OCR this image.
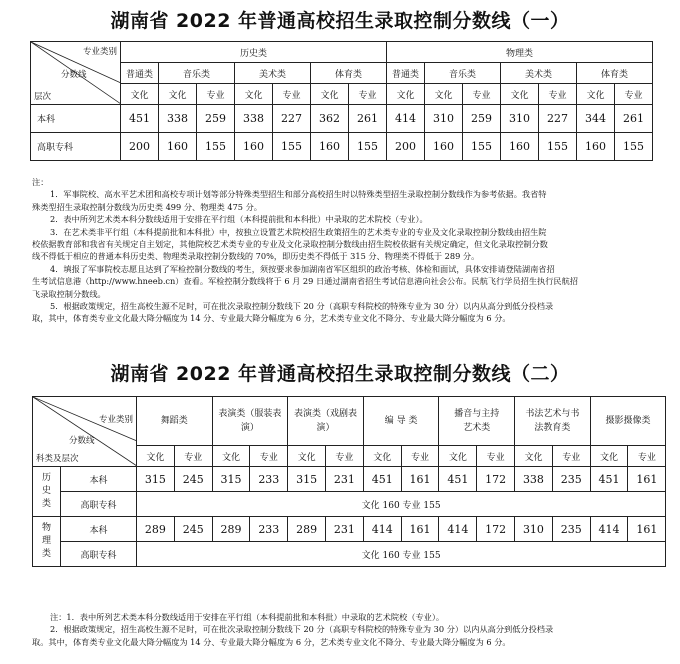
湖南省 2022 年普通高校招生录取控制分数线（一）
专业类别
分数线
层次	历史类							物理类						
	普通类	音乐类		美术类		体育类		普通类	音乐类		美术类		体育类	
	文化	文化	专业	文化	专业	文化	专业	文化	文化	专业	文化	专业	文化	专业
本科	451	338	259	338	227	362	261	414	310	259	310	227	344	261
高职专科	200	160	155	160	155	160	155	200	160	155	160	155	160	155

注：

1．军事院校、高水平艺术团和高校专项计划等部分特殊类型招生和部分高校招生时以特殊类型招生录取控制分数线作为参考依据。我省特

殊类型招生录取控制分数线为历史类 499 分、物理类 475 分。

2．表中所列艺术类本科分数线适用于安排在平行组（本科提前批和本科批）中录取的艺术院校（专业）。

3．在艺术类非平行组（本科提前批和本科批）中，按独立设置艺术院校招生政策招生的艺术类专业的专业及文化录取控制分数线由招生院

校依据教育部和我省有关规定自主划定，其他院校艺术类专业的专业及文化录取控制分数线由招生院校依据有关规定确定，但文化录取控制分数

线不得低于相应的普通本科历史类、物理类录取控制分数线的 70%，即历史类不得低于 315 分、物理类不得低于 289 分。

4．填报了军事院校志愿且达到了军检控制分数线的考生，须按要求参加湖南省军区组织的政治考核、体检和面试，具体安排请登陆湖南省招

生考试信息港（http://www.hneeb.cn）查看。军检控制分数线将于 6 月 29 日通过湖南省招生考试信息港向社会公布。民航飞行学员招生执行民航招

飞录取控制分数线。

5．根据政策规定，招生高校生源不足时，可在批次录取控制分数线下 20 分（高职专科院校的特殊专业为 30 分）以内从高分到低分投档录

取，其中，体育类专业文化最大降分幅度为 14 分、专业最大降分幅度为 6 分，艺术类专业文化不降分、专业最大降分幅度为 6 分。

湖南省 2022 年普通高校招生录取控制分数线（二）
专业类别
分数线
科类及层次		舞蹈类		表演类（服装表演）		表演类（戏剧表演）		编 导 类		播音与主持艺术类		书法艺术与书法教育类		摄影摄像类	
		文化	专业	文化	专业	文化	专业	文化	专业	文化	专业	文化	专业	文化	专业

历史类	本科	315	245	315	233	315	231	451	161	451	172	338	235	451	161
	高职专科	文化 160 专业 155													

物理类	本科	289	245	289	233	289	231	414	161	414	172	310	235	414	161
	高职专科	文化 160 专业 155													

注：1．表中所列艺术类本科分数线适用于安排在平行组（本科提前批和本科批）中录取的艺术院校（专业）。

2．根据政策规定，招生高校生源不足时，可在批次录取控制分数线下 20 分（高职专科院校的特殊专业为 30 分）以内从高分到低分投档录

取。其中，体育类专业文化最大降分幅度为 14 分、专业最大降分幅度为 6 分，艺术类专业文化不降分、专业最大降分幅度为 6 分。
